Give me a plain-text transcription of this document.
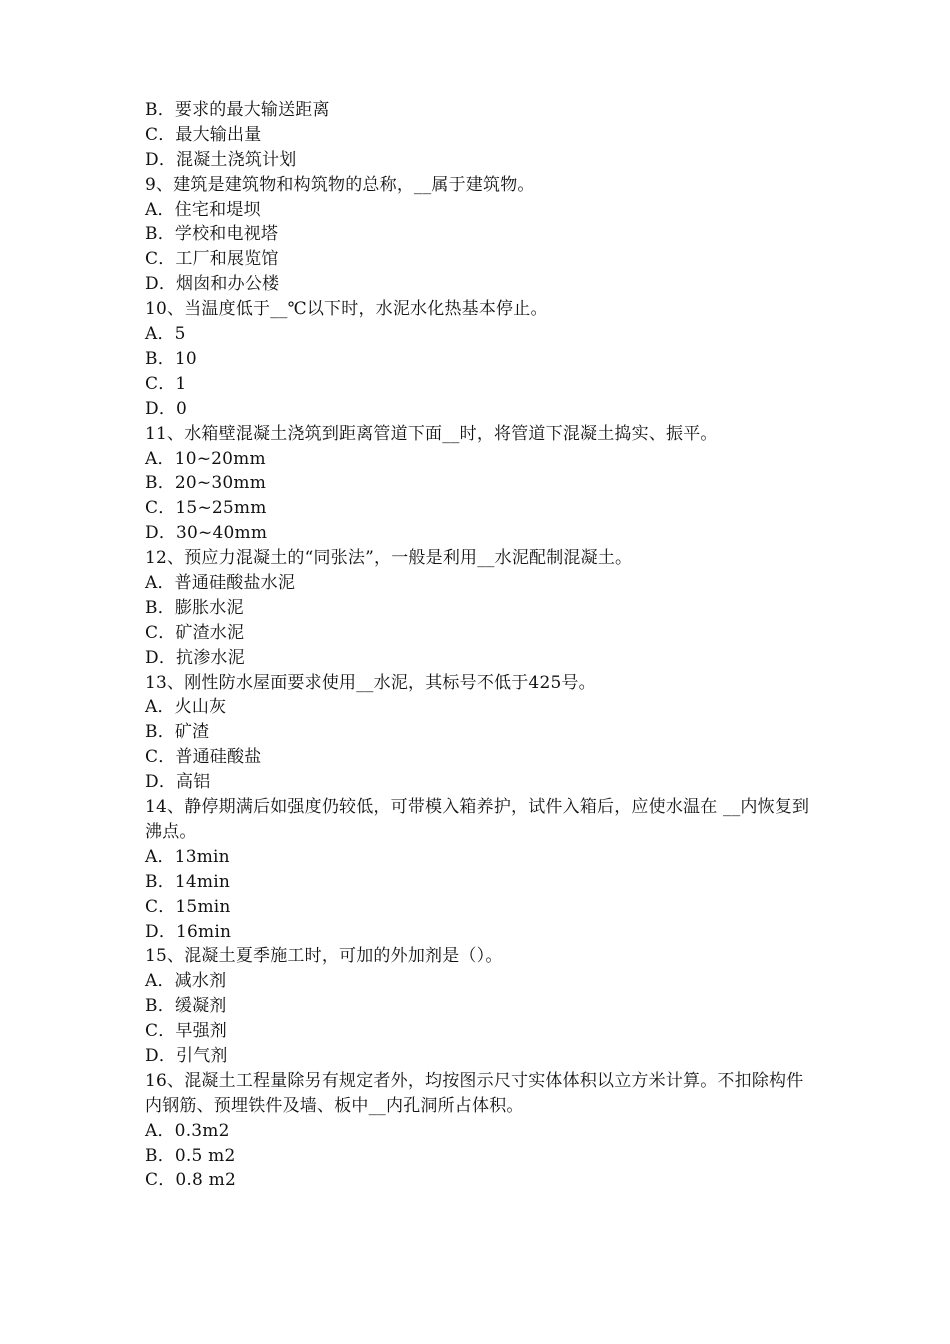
B．要求的最大输送距离
C．最大输出量
D．混凝土浇筑计划
9、建筑是建筑物和构筑物的总称，__属于建筑物。
A．住宅和堤坝
B．学校和电视塔
C．工厂和展览馆
D．烟囱和办公楼
10、当温度低于__℃以下时，水泥水化热基本停止。
A．5
B．10
C．1
D．0
11、水箱壁混凝土浇筑到距离管道下面__时，将管道下混凝土捣实、振平。
A．10~20mm
B．20~30mm
C．15~25mm
D．30~40mm
12、预应力混凝土的“同张法”，一般是利用__水泥配制混凝土。
A．普通硅酸盐水泥
B．膨胀水泥
C．矿渣水泥
D．抗渗水泥
13、刚性防水屋面要求使用__水泥，其标号不低于425号。
A．火山灰
B．矿渣
C．普通硅酸盐
D．高铝
14、静停期满后如强度仍较低，可带模入箱养护，试件入箱后，应使水温在 __内恢复到沸点。
A．13min
B．14min
C．15min
D．16min
15、混凝土夏季施工时，可加的外加剂是（）。
A．减水剂
B．缓凝剂
C．早强剂
D．引气剂
16、混凝土工程量除另有规定者外，均按图示尺寸实体体积以立方米计算。不扣除构件内钢筋、预埋铁件及墙、板中__内孔洞所占体积。
A．0.3m2
B．0.5 m2
C．0.8 m2
